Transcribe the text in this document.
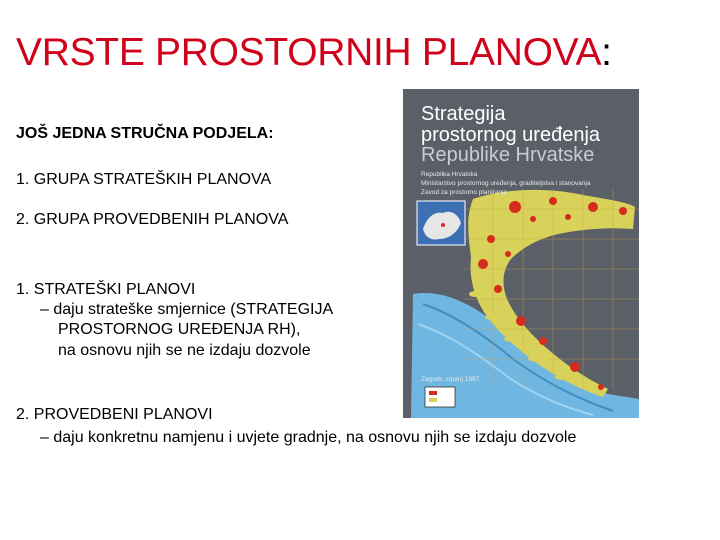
VRSTE PROSTORNIH PLANOVA:
JOŠ JEDNA STRUČNA PODJELA:
1. GRUPA STRATEŠKIH PLANOVA
2. GRUPA PROVEDBENIH PLANOVA
1. STRATEŠKI PLANOVI
– daju strateške smjernice (STRATEGIJA
PROSTORNOG UREĐENJA RH),
na osnovu njih se ne izdaju dozvole
2. PROVEDBENI PLANOVI
– daju konkretnu namjenu i uvjete gradnje, na osnovu njih se izdaju dozvole
Strategija
prostornog uređenja
Republike Hrvatske
Republika Hrvatska
Ministarstvo prostornog uređenja, graditeljstva i stanovanja
Zavod za prostorno planiranje
Zagreb, srpanj 1997.
